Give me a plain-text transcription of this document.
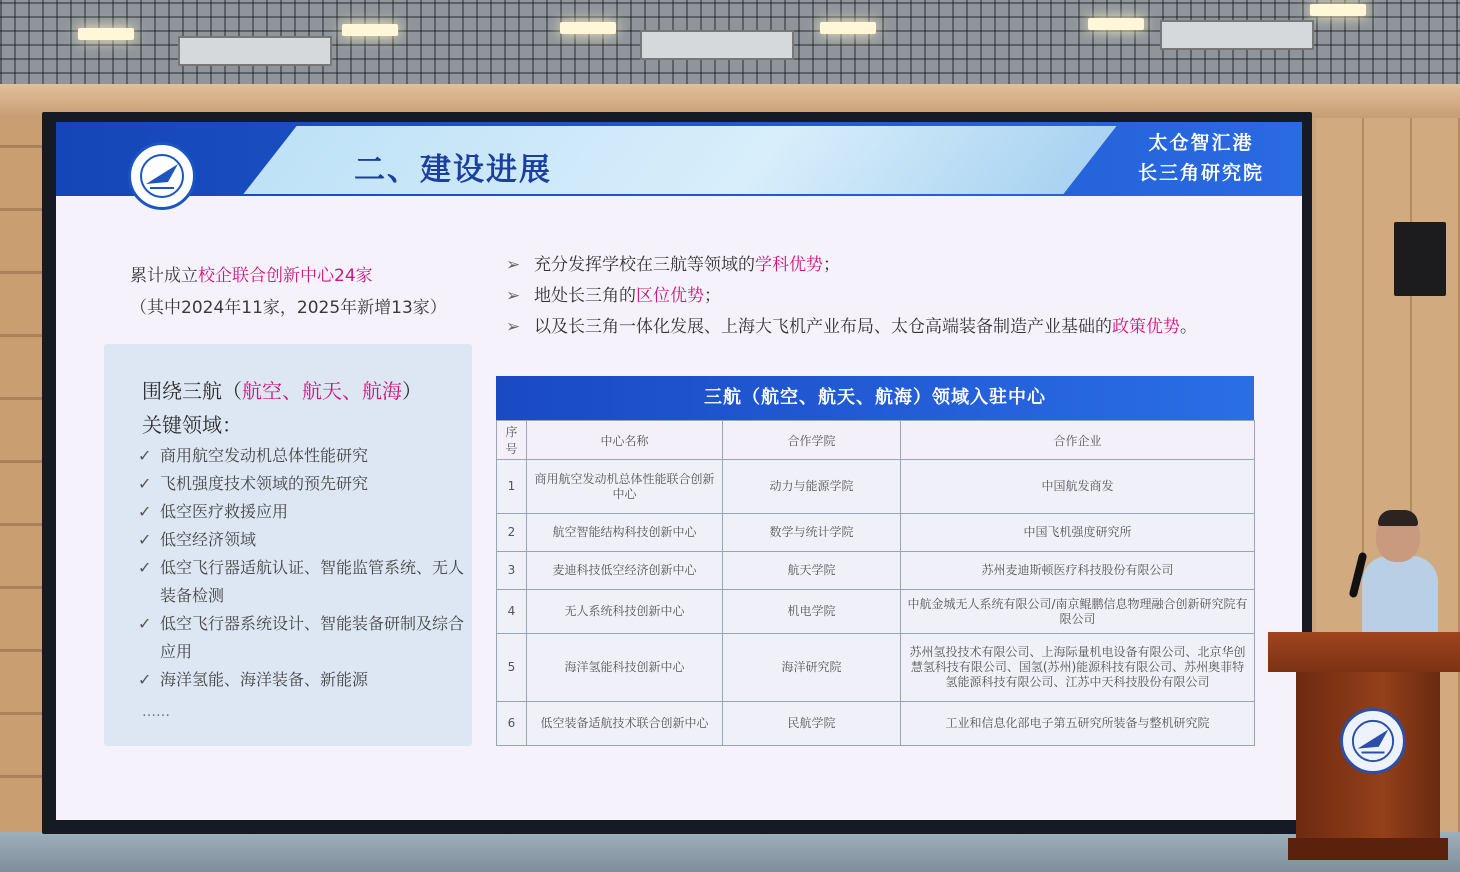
二、建设进展
太仓智汇港
长三角研究院
累计成立校企联合创新中心24家
（其中2024年11家，2025年新增13家）
围绕三航（航空、航天、航海）
关键领域：
✓ 商用航空发动机总体性能研究
✓ 飞机强度技术领域的预先研究
✓ 低空医疗救援应用
✓ 低空经济领域
✓ 低空飞行器适航认证、智能监管系统、无人装备检测
✓ 低空飞行器系统设计、智能装备研制及综合应用
✓ 海洋氢能、海洋装备、新能源
……
➢ 充分发挥学校在三航等领域的学科优势；
➢ 地处长三角的区位优势；
➢ 以及长三角一体化发展、上海大飞机产业布局、太仓高端装备制造产业基础的政策优势。
三航（航空、航天、航海）领域入驻中心
序号	中心名称	合作学院	合作企业
1	商用航空发动机总体性能联合创新中心	动力与能源学院	中国航发商发
2	航空智能结构科技创新中心	数学与统计学院	中国飞机强度研究所
3	麦迪科技低空经济创新中心	航天学院	苏州麦迪斯顿医疗科技股份有限公司
4	无人系统科技创新中心	机电学院	中航金城无人系统有限公司/南京鲲鹏信息物理融合创新研究院有限公司
5	海洋氢能科技创新中心	海洋研究院	苏州氢投技术有限公司、上海际量机电设备有限公司、北京华创慧氢科技有限公司、国氢(苏州)能源科技有限公司、苏州奥菲特氢能源科技有限公司、江苏中天科技股份有限公司
6	低空装备适航技术联合创新中心	民航学院	工业和信息化部电子第五研究所装备与整机研究院
